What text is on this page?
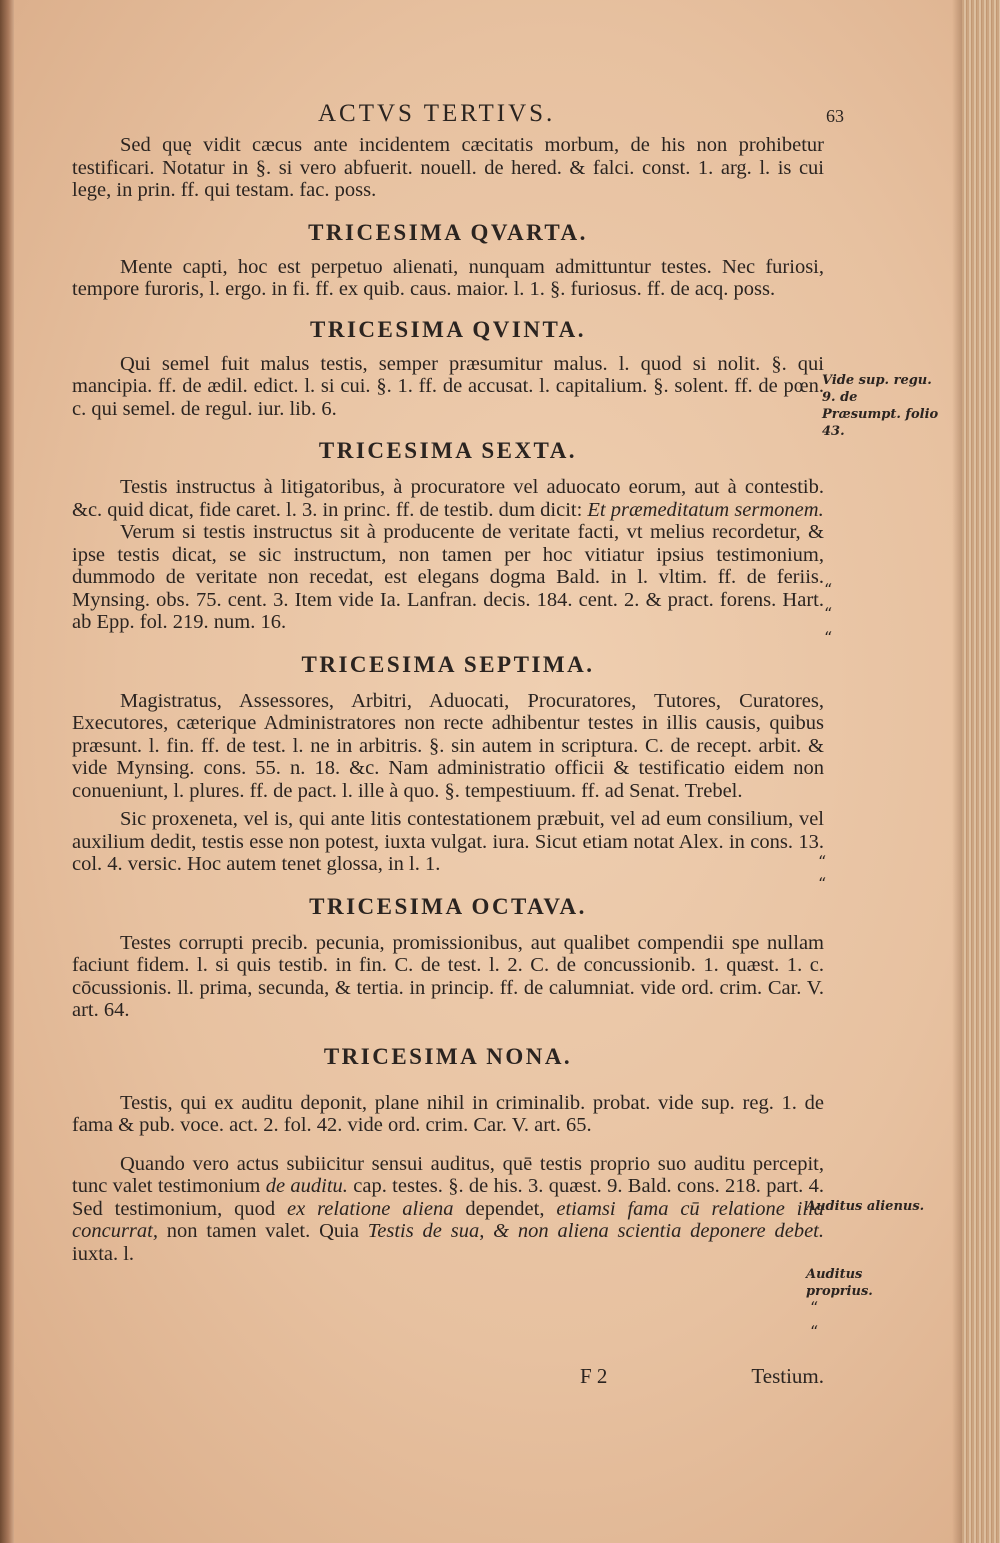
ACTVS TERTIVS.	63

Sed quę vidit cæcus ante incidentem cæcitatis morbum, de his non prohibetur testificari. Notatur in §. si vero abfuerit. nouell. de hered. & falci. const. 1. arg. l. is cui lege, in prin. ff. qui testam. fac. poss.

TRICESIMA QVARTA.

Mente capti, hoc est perpetuo alienati, nunquam admittuntur testes. Nec furiosi, tempore furoris, l. ergo. in fi. ff. ex quib. caus. maior. l. 1. §. furiosus. ff. de acq. poss.

TRICESIMA QVINTA.

Qui semel fuit malus testis, semper præsumitur malus. l. quod si nolit. §. qui mancipia. ff. de ædil. edict. l. si cui. §. 1. ff. de accusat. l. capitalium. §. solent. ff. de pœn. c. qui semel. de regul. iur. lib. 6.

TRICESIMA SEXTA.

Testis instructus à litigatoribus, à procuratore vel aduocato eorum, aut à contestib. &c. quid dicat, fide caret. l. 3. in princ. ff. de testib. dum dicit: Et præmeditatum sermonem.

Verum si testis instructus sit à producente de veritate facti, vt melius recordetur, & ipse testis dicat, se sic instructum, non tamen per hoc vitiatur ipsius testimonium, dummodo de veritate non recedat, est elegans dogma Bald. in l. vltim. ff. de feriis. Mynsing. obs. 75. cent. 3. Item vide Ia. Lanfran. decis. 184. cent. 2. & pract. forens. Hart. ab Epp. fol. 219. num. 16.

TRICESIMA SEPTIMA.

Magistratus, Assessores, Arbitri, Aduocati, Procuratores, Tutores, Curatores, Executores, cæterique Administratores non recte adhibentur testes in illis causis, quibus præsunt. l. fin. ff. de test. l. ne in arbitris. §. sin autem in scriptura. C. de recept. arbit. & vide Mynsing. cons. 55. n. 18. &c. Nam administratio officii & testificatio eidem non conueniunt, l. plures. ff. de pact. l. ille à quo. §. tempestiuum. ff. ad Senat. Trebel.

Sic proxeneta, vel is, qui ante litis contestationem præbuit, vel ad eum consilium, vel auxilium dedit, testis esse non potest, iuxta vulgat. iura. Sicut etiam notat Alex. in cons. 13. col. 4. versic. Hoc autem tenet glossa, in l. 1.

TRICESIMA OCTAVA.

Testes corrupti precib. pecunia, promissionibus, aut qualibet compendii spe nullam faciunt fidem. l. si quis testib. in fin. C. de test. l. 2. C. de concussionib. 1. quæst. 1. c. cōcussionis. ll. prima, secunda, & tertia. in princip. ff. de calumniat. vide ord. crim. Car. V. art. 64.

TRICESIMA NONA.

Testis, qui ex auditu deponit, plane nihil in criminalib. probat. vide sup. reg. 1. de fama & pub. voce. act. 2. fol. 42. vide ord. crim. Car. V. art. 65.

Quando vero actus subiicitur sensui auditus, quē testis proprio suo auditu percepit, tunc valet testimonium de auditu. cap. testes. §. de his. 3. quæst. 9. Bald. cons. 218. part. 4. Sed testimonium, quod ex relatione aliena dependet, etiamsi fama cū relatione illa concurrat, non tamen valet. Quia Testis de sua, & non aliena scientia deponere debet. iuxta. l.

Vide sup. regu. 9. de Præsumpt. folio 43.
Auditus alienus.
Auditus proprius.
“
“
“
“
“
“
“
F 2	Testium.
